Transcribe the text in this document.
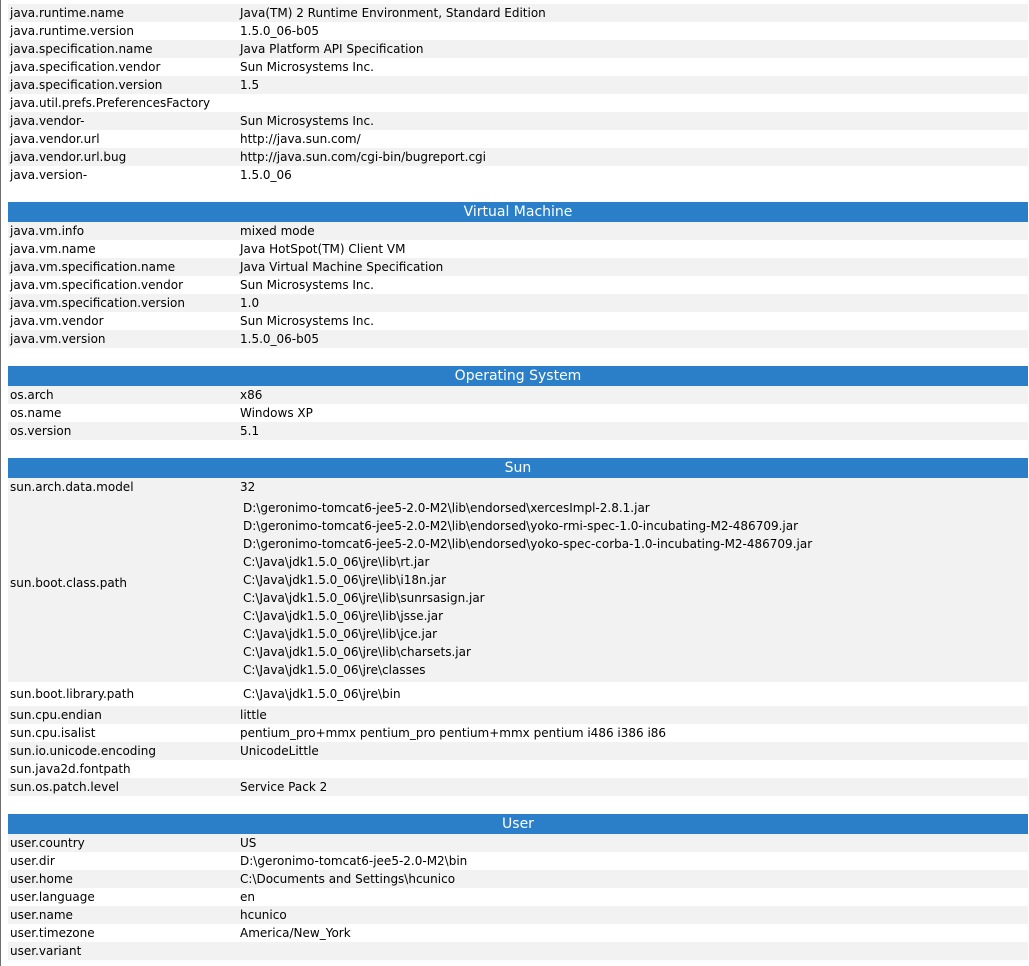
java.runtime.name	Java(TM) 2 Runtime Environment, Standard Edition
java.runtime.version	1.5.0_06-b05
java.specification.name	Java Platform API Specification
java.specification.vendor	Sun Microsystems Inc.
java.specification.version	1.5
java.util.prefs.PreferencesFactory
java.vendor-	Sun Microsystems Inc.
java.vendor.url	http://java.sun.com/
java.vendor.url.bug	http://java.sun.com/cgi-bin/bugreport.cgi
java.version-	1.5.0_06
Virtual Machine
java.vm.info	mixed mode
java.vm.name	Java HotSpot(TM) Client VM
java.vm.specification.name	Java Virtual Machine Specification
java.vm.specification.vendor	Sun Microsystems Inc.
java.vm.specification.version	1.0
java.vm.vendor	Sun Microsystems Inc.
java.vm.version	1.5.0_06-b05
Operating System
os.arch	x86
os.name	Windows XP
os.version	5.1
Sun
sun.arch.data.model	32
sun.boot.class.path
D:\geronimo-tomcat6-jee5-2.0-M2\lib\endorsed\xercesImpl-2.8.1.jar
D:\geronimo-tomcat6-jee5-2.0-M2\lib\endorsed\yoko-rmi-spec-1.0-incubating-M2-486709.jar
D:\geronimo-tomcat6-jee5-2.0-M2\lib\endorsed\yoko-spec-corba-1.0-incubating-M2-486709.jar
C:\Java\jdk1.5.0_06\jre\lib\rt.jar
C:\Java\jdk1.5.0_06\jre\lib\i18n.jar
C:\Java\jdk1.5.0_06\jre\lib\sunrsasign.jar
C:\Java\jdk1.5.0_06\jre\lib\jsse.jar
C:\Java\jdk1.5.0_06\jre\lib\jce.jar
C:\Java\jdk1.5.0_06\jre\lib\charsets.jar
C:\Java\jdk1.5.0_06\jre\classes
sun.boot.library.path	C:\Java\jdk1.5.0_06\jre\bin
sun.cpu.endian	little
sun.cpu.isalist	pentium_pro+mmx pentium_pro pentium+mmx pentium i486 i386 i86
sun.io.unicode.encoding	UnicodeLittle
sun.java2d.fontpath
sun.os.patch.level	Service Pack 2
User
user.country	US
user.dir	D:\geronimo-tomcat6-jee5-2.0-M2\bin
user.home	C:\Documents and Settings\hcunico
user.language	en
user.name	hcunico
user.timezone	America/New_York
user.variant
